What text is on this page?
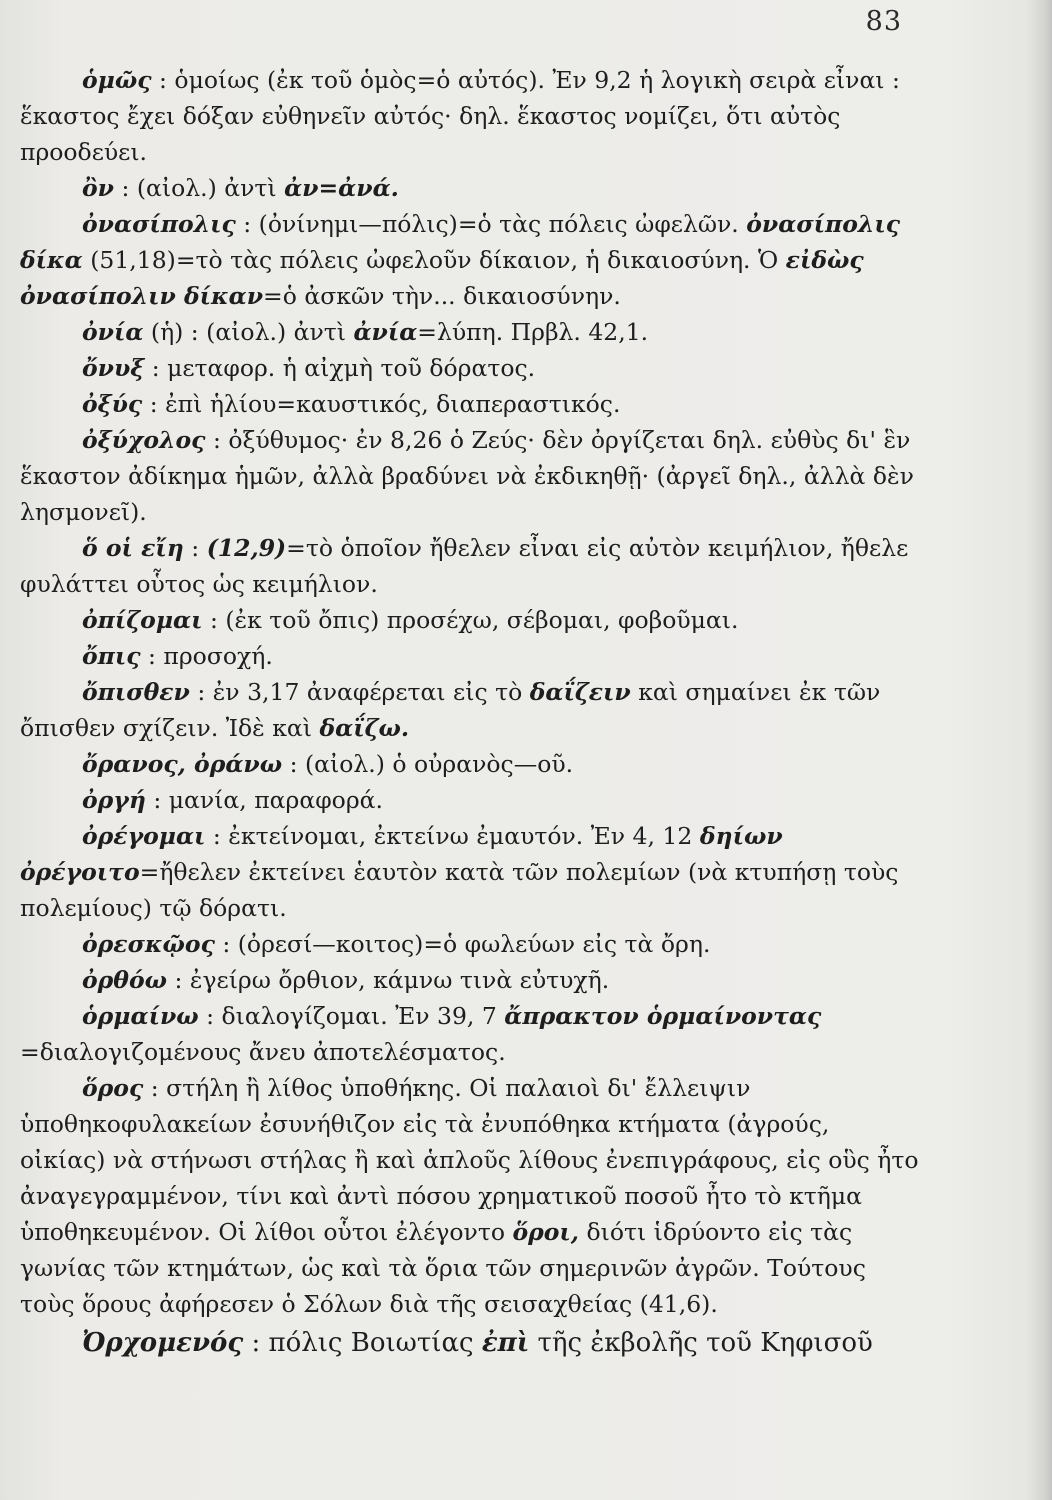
83

ὁμῶς : ὁμοίως (ἐκ τοῦ ὁμὸς=ὁ αὐτός). Ἐν 9,2 ἡ λογικὴ σειρὰ εἶναι : ἕκαστος ἔχει δόξαν εὐθηνεῖν αὐτός· δηλ. ἕκαστος νομίζει, ὅτι αὐτὸς προοδεύει.

ὂν : (αἰολ.) ἀντὶ ἀν=ἀνά.

ὀνασίπολις : (ὀνίνημι—πόλις)=ὁ τὰς πόλεις ὠφελῶν. ὀνασίπολις δίκα (51,18)=τὸ τὰς πόλεις ὠφελοῦν δίκαιον, ἡ δικαιοσύνη. Ὁ εἰδὼς ὀνασίπολιν δίκαν=ὁ ἀσκῶν τὴν... δικαιοσύνην.

ὀνία (ἡ) : (αἰολ.) ἀντὶ ἀνία=λύπη. Πρβλ. 42,1.

ὄνυξ : μεταφορ. ἡ αἰχμὴ τοῦ δόρατος.

ὀξύς : ἐπὶ ἡλίου=καυστικός, διαπεραστικός.

ὀξύχολος : ὀξύθυμος· ἐν 8,26 ὁ Ζεύς· δὲν ὀργίζεται δηλ. εὐθὺς δι' ἓν ἕκαστον ἀδίκημα ἡμῶν, ἀλλὰ βραδύνει νὰ ἐκδικηθῇ· (ἀργεῖ δηλ., ἀλλὰ δὲν λησμονεῖ).

ὅ οἱ εἴη : (12,9)=τὸ ὁποῖον ἤθελεν εἶναι εἰς αὐτὸν κειμήλιον, ἤθελε φυλάττει οὗτος ὡς κειμήλιον.

ὀπίζομαι : (ἐκ τοῦ ὄπις) προσέχω, σέβομαι, φοβοῦμαι.

ὄπις : προσοχή.

ὄπισθεν : ἐν 3,17 ἀναφέρεται εἰς τὸ δαΐζειν καὶ σημαίνει ἐκ τῶν ὄπισθεν σχίζειν. Ἰδὲ καὶ δαΐζω.

ὄρανος, ὀράνω : (αἰολ.) ὁ οὐρανὸς—οῦ.

ὀργή : μανία, παραφορά.

ὀρέγομαι : ἐκτείνομαι, ἐκτείνω ἐμαυτόν. Ἐν 4, 12 δηίων ὀρέγοιτο=ἤθελεν ἐκτείνει ἑαυτὸν κατὰ τῶν πολεμίων (νὰ κτυπήσῃ τοὺς πολεμίους) τῷ δόρατι.

ὀρεσκῷος : (ὀρεσί—κοιτος)=ὁ φωλεύων εἰς τὰ ὄρη.

ὀρθόω : ἐγείρω ὄρθιον, κάμνω τινὰ εὐτυχῆ.

ὁρμαίνω : διαλογίζομαι. Ἐν 39, 7 ἄπρακτον ὁρμαίνοντας =διαλογιζομένους ἄνευ ἀποτελέσματος.

ὅρος : στήλη ἢ λίθος ὑποθήκης. Οἱ παλαιοὶ δι' ἔλλειψιν ὑποθηκοφυλακείων ἐσυνήθιζον εἰς τὰ ἐνυπόθηκα κτήματα (ἀγρούς, οἰκίας) νὰ στήνωσι στήλας ἢ καὶ ἁπλοῦς λίθους ἐνεπιγράφους, εἰς οὓς ἦτο ἀναγεγραμμένον, τίνι καὶ ἀντὶ πόσου χρηματικοῦ ποσοῦ ἦτο τὸ κτῆμα ὑποθηκευμένον. Οἱ λίθοι οὗτοι ἐλέγοντο ὅροι, διότι ἱδρύοντο εἰς τὰς γωνίας τῶν κτημάτων, ὡς καὶ τὰ ὅρια τῶν σημερινῶν ἀγρῶν. Τούτους τοὺς ὅρους ἀφήρεσεν ὁ Σόλων διὰ τῆς σεισαχθείας (41,6).

Ὀρχομενός : πόλις Βοιωτίας ἐπὶ τῆς ἐκβολῆς τοῦ Κηφισοῦ
